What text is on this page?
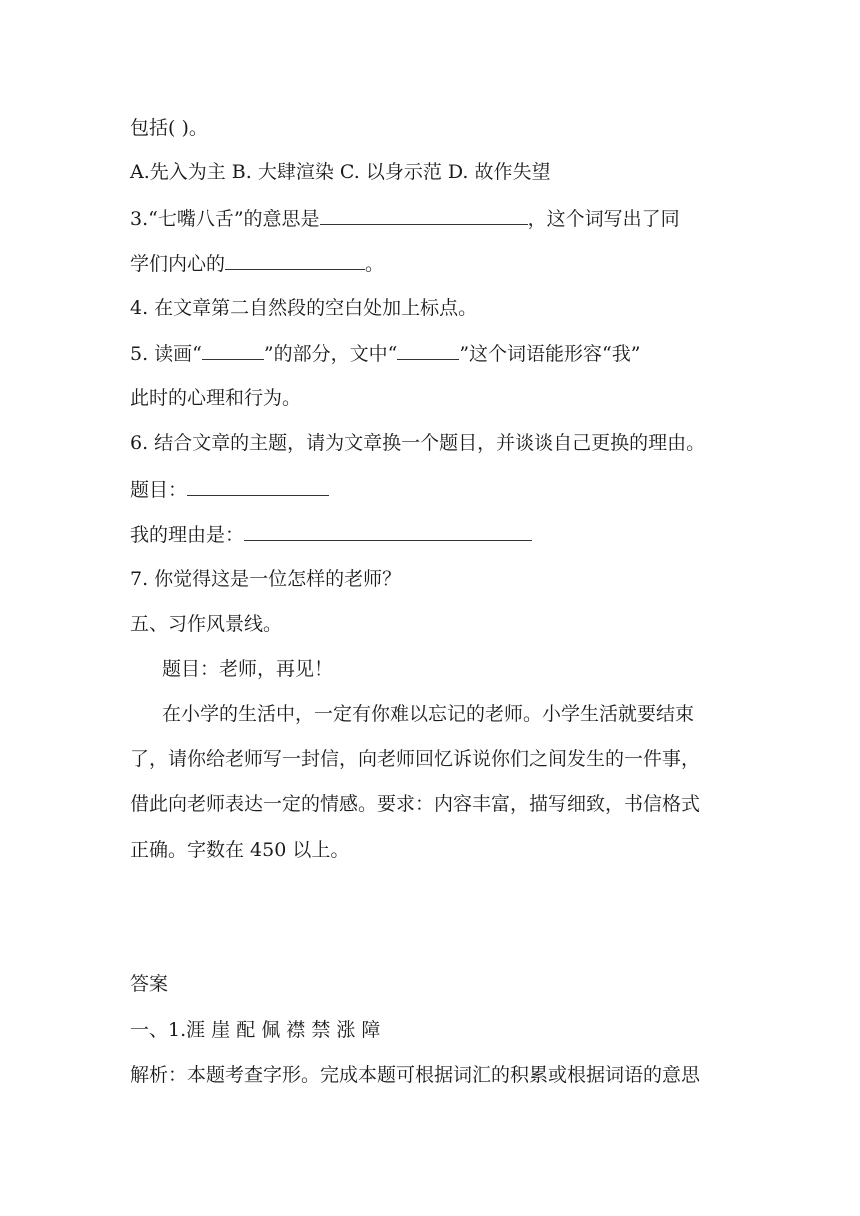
包括( )。
A.先入为主 B. 大肆渲染 C. 以身示范 D. 故作失望
3.“七嘴八舌”的意思是	，这个词写出了同
学们内心的	。
4. 在文章第二自然段的空白处加上标点。
5. 读画“	”的部分，文中“	”这个词语能形容“我”
此时的心理和行为。
6. 结合文章的主题，请为文章换一个题目，并谈谈自己更换的理由。
题目：
我的理由是：
7. 你觉得这是一位怎样的老师？
五、习作风景线。
题目：老师，再见！
在小学的生活中，一定有你难以忘记的老师。小学生活就要结束
了，请你给老师写一封信，向老师回忆诉说你们之间发生的一件事，
借此向老师表达一定的情感。要求：内容丰富，描写细致，书信格式
正确。字数在 450 以上。
答案
一、1.涯 崖 配 佩 襟 禁 涨 障
解析：本题考查字形。完成本题可根据词汇的积累或根据词语的意思
